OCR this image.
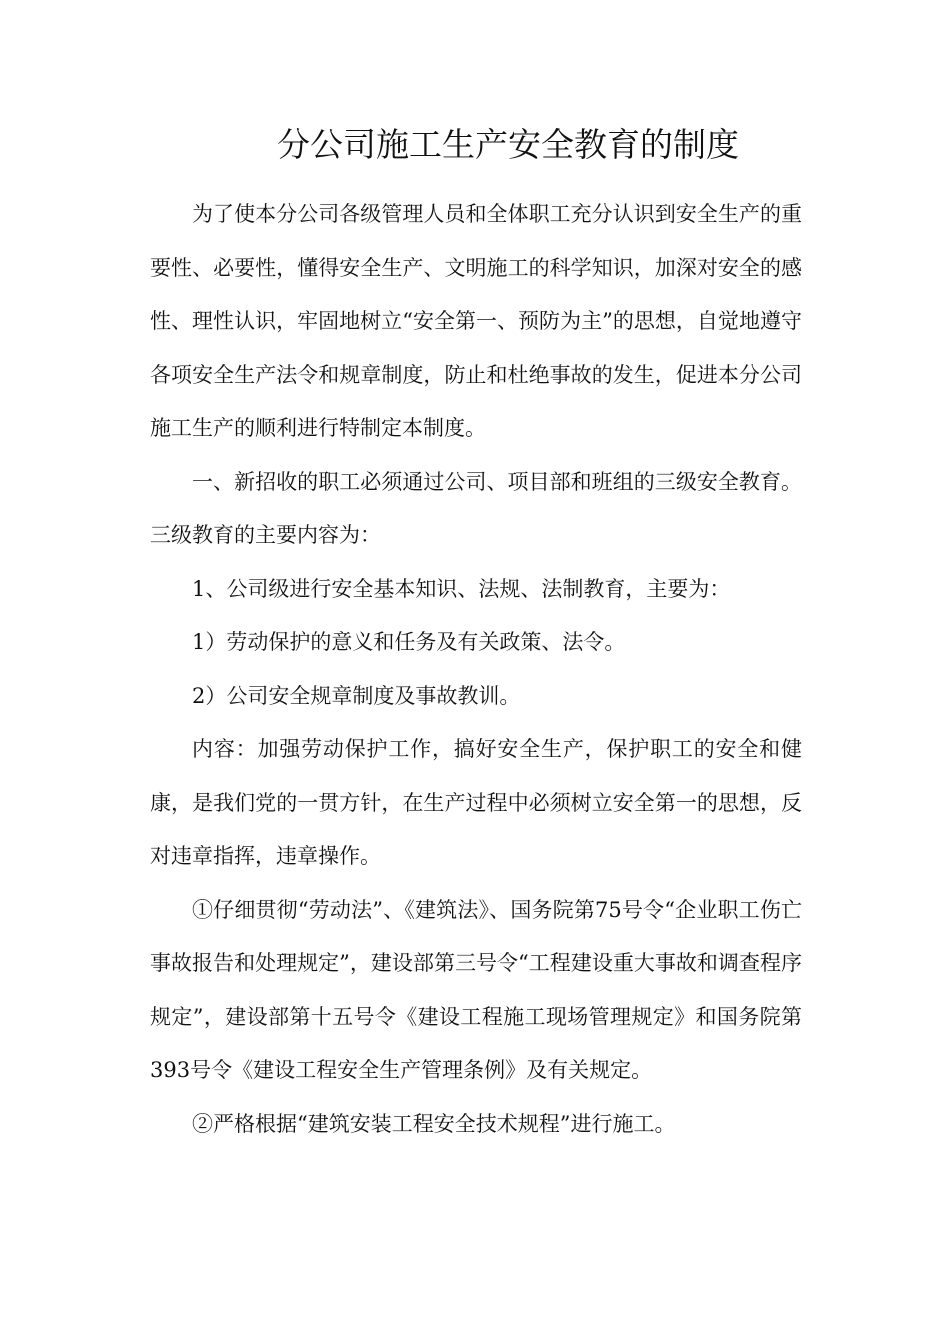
分公司施工生产安全教育的制度

为了使本分公司各级管理人员和全体职工充分认识到安全生产的重要性、必要性，懂得安全生产、文明施工的科学知识，加深对安全的感性、理性认识，牢固地树立“安全第一、预防为主”的思想，自觉地遵守各项安全生产法令和规章制度，防止和杜绝事故的发生，促进本分公司施工生产的顺利进行特制定本制度。

一、新招收的职工必须通过公司、项目部和班组的三级安全教育。三级教育的主要内容为：

1、公司级进行安全基本知识、法规、法制教育，主要为：

1）劳动保护的意义和任务及有关政策、法令。

2）公司安全规章制度及事故教训。

内容：加强劳动保护工作，搞好安全生产，保护职工的安全和健康，是我们党的一贯方针，在生产过程中必须树立安全第一的思想，反对违章指挥，违章操作。

①仔细贯彻“劳动法”、《建筑法》、国务院第75号令“企业职工伤亡事故报告和处理规定”，建设部第三号令“工程建设重大事故和调查程序规定”，建设部第十五号令《建设工程施工现场管理规定》和国务院第393号令《建设工程安全生产管理条例》及有关规定。

②严格根据“建筑安装工程安全技术规程”进行施工。
